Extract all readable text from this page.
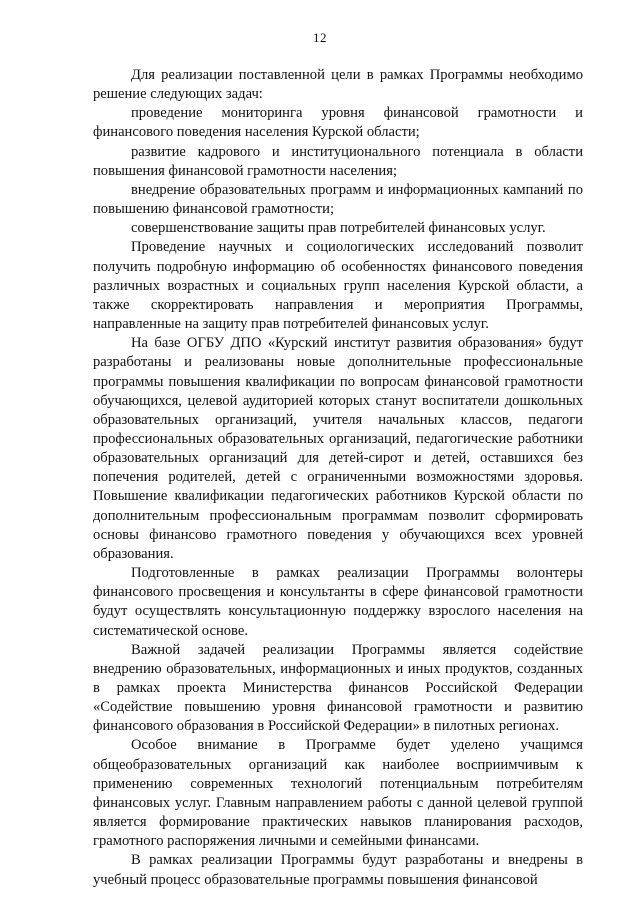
12

Для реализации поставленной цели в рамках Программы необходимо решение следующих задач:

проведение мониторинга уровня финансовой грамотности и финансового поведения населения Курской области;

развитие кадрового и институционального потенциала в области повышения финансовой грамотности населения;

внедрение образовательных программ и информационных кампаний по повышению финансовой грамотности;

совершенствование защиты прав потребителей финансовых услуг.

Проведение научных и социологических исследований позволит получить подробную информацию об особенностях финансового поведения различных возрастных и социальных групп населения Курской области, а также скорректировать направления и мероприятия Программы, направленные на защиту прав потребителей финансовых услуг.

На базе ОГБУ ДПО «Курский институт развития образования» будут разработаны и реализованы новые дополнительные профессиональные программы повышения квалификации по вопросам финансовой грамотности обучающихся, целевой аудиторией которых станут воспитатели дошкольных образовательных организаций, учителя начальных классов, педагоги профессиональных образовательных организаций, педагогические работники образовательных организаций для детей-сирот и детей, оставшихся без попечения родителей, детей с ограниченными возможностями здоровья. Повышение квалификации педагогических работников Курской области по дополнительным профессиональным программам позволит сформировать основы финансово грамотного поведения у обучающихся всех уровней образования.

Подготовленные в рамках реализации Программы волонтеры финансового просвещения и консультанты в сфере финансовой грамотности будут осуществлять консультационную поддержку взрослого населения на систематической основе.

Важной задачей реализации Программы является содействие внедрению образовательных, информационных и иных продуктов, созданных в рамках проекта Министерства финансов Российской Федерации «Содействие повышению уровня финансовой грамотности и развитию финансового образования в Российской Федерации» в пилотных регионах.

Особое внимание в Программе будет уделено учащимся общеобразовательных организаций как наиболее восприимчивым к применению современных технологий потенциальным потребителям финансовых услуг. Главным направлением работы с данной целевой группой является формирование практических навыков планирования расходов, грамотного распоряжения личными и семейными финансами.

В рамках реализации Программы будут разработаны и внедрены в учебный процесс образовательные программы повышения финансовой
